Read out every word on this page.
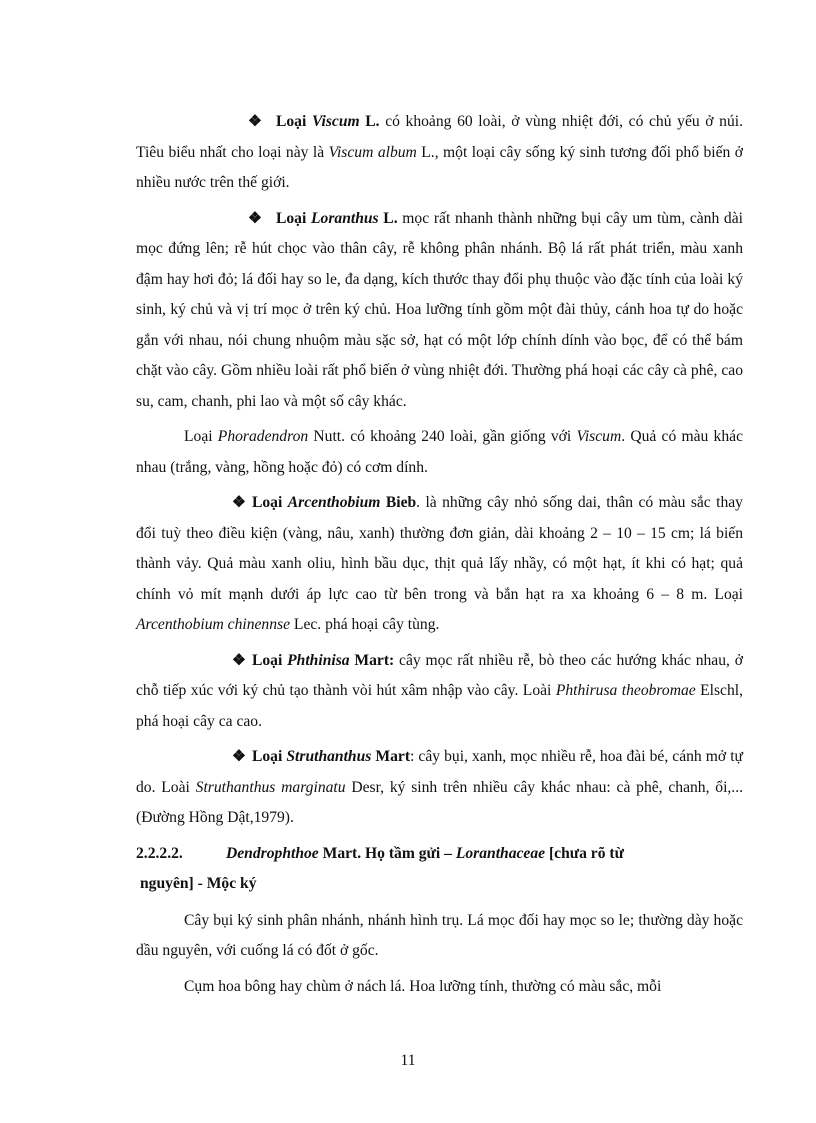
❖ Loại Viscum L. có khoảng 60 loài, ở vùng nhiệt đới, có chủ yếu ở núi. Tiêu biểu nhất cho loại này là Viscum album L., một loại cây sống ký sinh tương đối phổ biến ở nhiều nước trên thế giới.

❖ Loại Loranthus L. mọc rất nhanh thành những bụi cây um tùm, cành dài mọc đứng lên; rễ hút chọc vào thân cây, rễ không phân nhánh. Bộ lá rất phát triển, màu xanh đậm hay hơi đỏ; lá đối hay so le, đa dạng, kích thước thay đổi phụ thuộc vào đặc tính của loài ký sinh, ký chủ và vị trí mọc ở trên ký chủ. Hoa lưỡng tính gồm một đài thủy, cánh hoa tự do hoặc gắn với nhau, nói chung nhuộm màu sặc sở, hạt có một lớp chính dính vào bọc, để có thể bám chặt vào cây. Gồm nhiều loài rất phổ biến ở vùng nhiệt đới. Thường phá hoại các cây cà phê, cao su, cam, chanh, phi lao và một số cây khác.

Loại Phoradendron Nutt. có khoảng 240 loài, gần giống với Viscum. Quả có màu khác nhau (trắng, vàng, hồng hoặc đỏ) có cơm dính.

❖ Loại Arcenthobium Bieb. là những cây nhỏ sống dai, thân có màu sắc thay đổi tuỳ theo điều kiện (vàng, nâu, xanh) thường đơn giản, dài khoảng 2 – 10 – 15 cm; lá biến thành vảy. Quả màu xanh oliu, hình bầu dục, thịt quả lấy nhầy, có một hạt, ít khi có hạt; quả chính vỏ mít mạnh dưới áp lực cao từ bên trong và bắn hạt ra xa khoảng 6 – 8 m. Loại Arcenthobium chinennse Lec. phá hoại cây tùng.

❖ Loại Phthinisa Mart: cây mọc rất nhiều rễ, bò theo các hướng khác nhau, ở chỗ tiếp xúc với ký chủ tạo thành vòi hút xâm nhập vào cây. Loài Phthirusa theobromae Elschl, phá hoại cây ca cao.

❖ Loại Struthanthus Mart: cây bụi, xanh, mọc nhiều rễ, hoa đài bé, cánh mở tự do. Loài Struthanthus marginatu Desr, ký sinh trên nhiều cây khác nhau: cà phê, chanh, ổi,... (Đường Hồng Dật,1979).

2.2.2.2.	Dendrophthoe Mart. Họ tầm gửi – Loranthaceae [chưa rõ từ
nguyên] - Mộc ký

Cây bụi ký sinh phân nhánh, nhánh hình trụ. Lá mọc đối hay mọc so le; thường dày hoặc dầu nguyên, với cuống lá có đốt ở gốc.

Cụm hoa bông hay chùm ở nách lá. Hoa lưỡng tính, thường có màu sắc, mỗi

11
